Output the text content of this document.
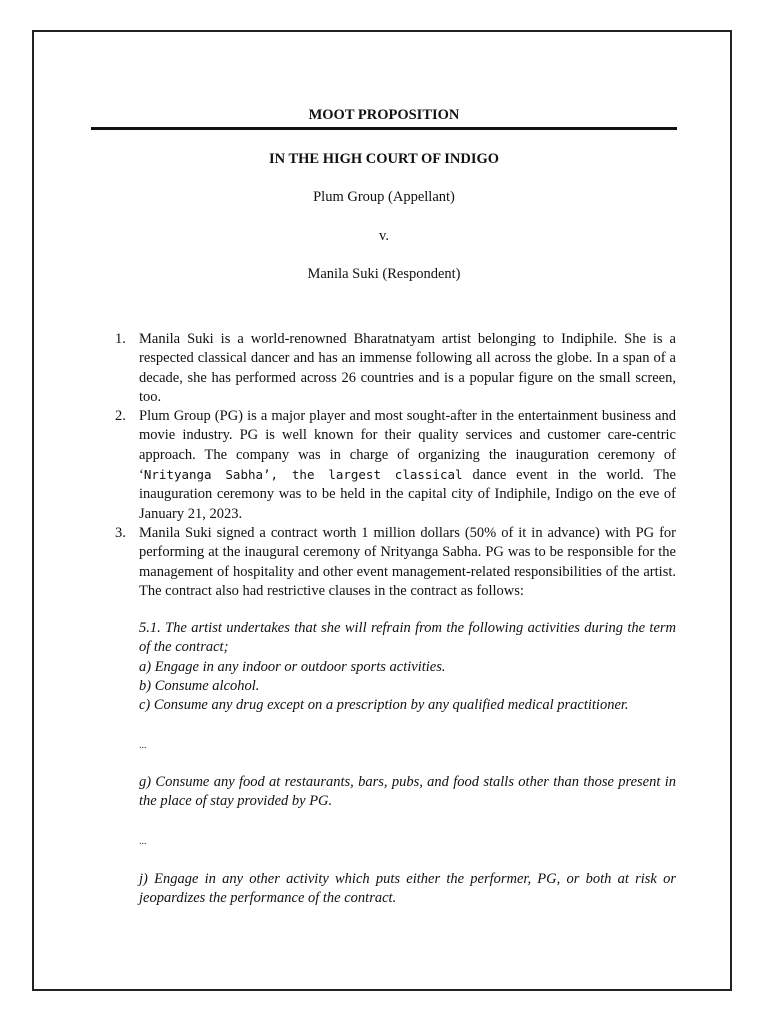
MOOT PROPOSITION
IN THE HIGH COURT OF INDIGO
Plum Group (Appellant)
v.
Manila Suki (Respondent)
1. Manila Suki is a world-renowned Bharatnatyam artist belonging to Indiphile. She is a respected classical dancer and has an immense following all across the globe. In a span of a decade, she has performed across 26 countries and is a popular figure on the small screen, too.
2. Plum Group (PG) is a major player and most sought-after in the entertainment business and movie industry. PG is well known for their quality services and customer care-centric approach. The company was in charge of organizing the inauguration ceremony of ‘Nrityanga Sabha’, the largest classical dance event in the world. The inauguration ceremony was to be held in the capital city of Indiphile, Indigo on the eve of January 21, 2023.
3. Manila Suki signed a contract worth 1 million dollars (50% of it in advance) with PG for performing at the inaugural ceremony of Nrityanga Sabha. PG was to be responsible for the management of hospitality and other event management-related responsibilities of the artist. The contract also had restrictive clauses in the contract as follows:
5.1. The artist undertakes that she will refrain from the following activities during the term of the contract;
a) Engage in any indoor or outdoor sports activities.
b) Consume alcohol.
c) Consume any drug except on a prescription by any qualified medical practitioner.
...
g) Consume any food at restaurants, bars, pubs, and food stalls other than those present in the place of stay provided by PG.
...
j) Engage in any other activity which puts either the performer, PG, or both at risk or jeopardizes the performance of the contract.
